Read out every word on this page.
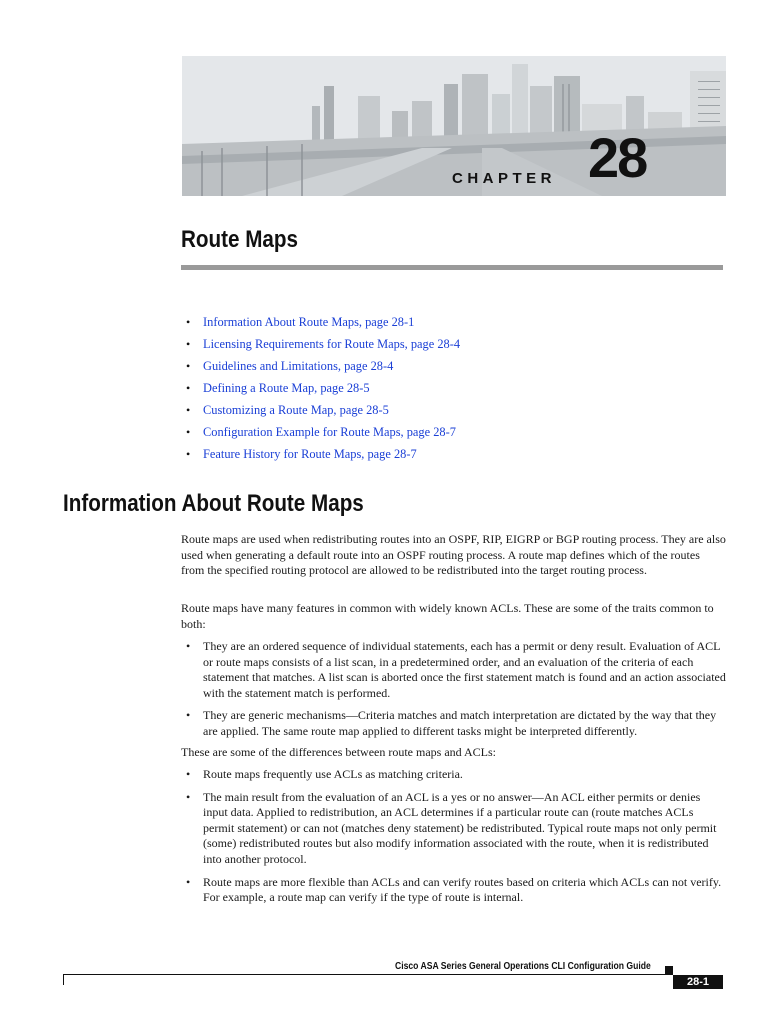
CHAPTER 28
Route Maps
• Information About Route Maps, page 28-1
• Licensing Requirements for Route Maps, page 28-4
• Guidelines and Limitations, page 28-4
• Defining a Route Map, page 28-5
• Customizing a Route Map, page 28-5
• Configuration Example for Route Maps, page 28-7
• Feature History for Route Maps, page 28-7
Information About Route Maps

Route maps are used when redistributing routes into an OSPF, RIP, EIGRP or BGP routing process. They are also used when generating a default route into an OSPF routing process. A route map defines which of the routes from the specified routing protocol are allowed to be redistributed into the target routing process.

Route maps have many features in common with widely known ACLs. These are some of the traits common to both:

• They are an ordered sequence of individual statements, each has a permit or deny result. Evaluation of ACL or route maps consists of a list scan, in a predetermined order, and an evaluation of the criteria of each statement that matches. A list scan is aborted once the first statement match is found and an action associated with the statement match is performed.
• They are generic mechanisms—Criteria matches and match interpretation are dictated by the way that they are applied. The same route map applied to different tasks might be interpreted differently.

These are some of the differences between route maps and ACLs:

• Route maps frequently use ACLs as matching criteria.
• The main result from the evaluation of an ACL is a yes or no answer—An ACL either permits or denies input data. Applied to redistribution, an ACL determines if a particular route can (route matches ACLs permit statement) or can not (matches deny statement) be redistributed. Typical route maps not only permit (some) redistributed routes but also modify information associated with the route, when it is redistributed into another protocol.
• Route maps are more flexible than ACLs and can verify routes based on criteria which ACLs can not verify. For example, a route map can verify if the type of route is internal.
Cisco ASA Series General Operations CLI Configuration Guide
28-1
